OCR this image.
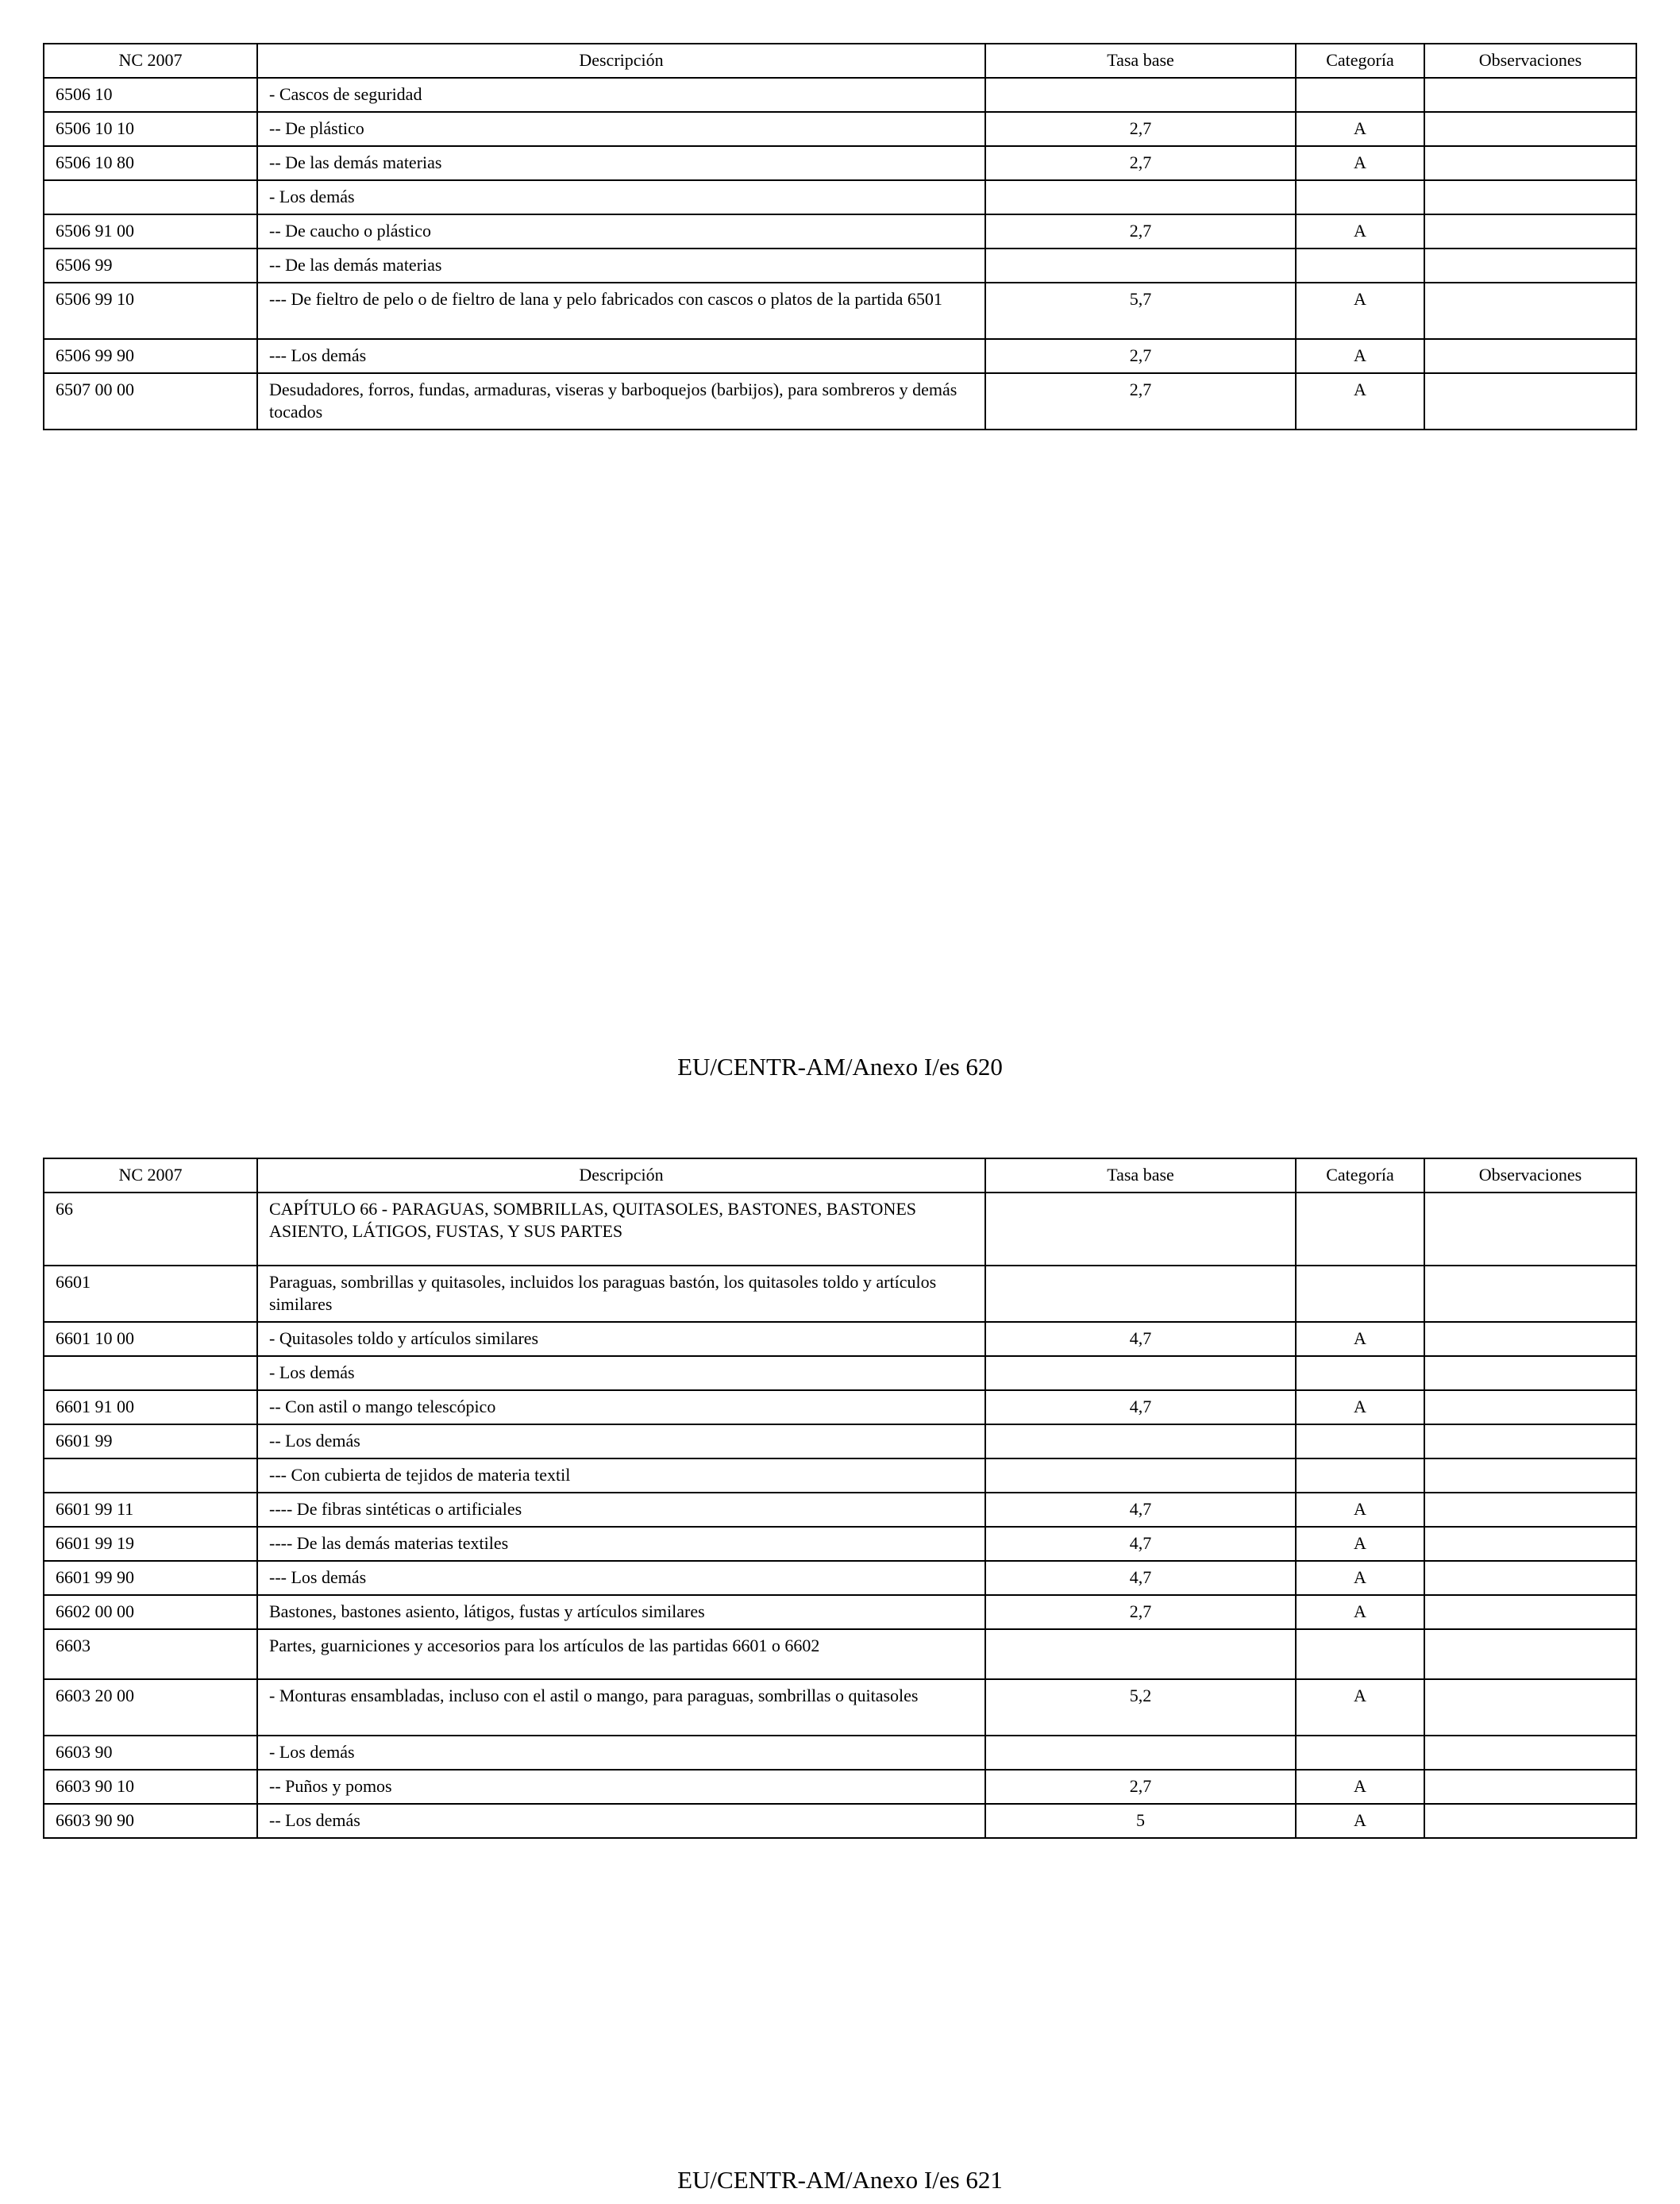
NC 2007	Descripción	Tasa base	Categoría	Observaciones
6506 10	- Cascos de seguridad			
6506 10 10	-- De plástico	2,7	A	
6506 10 80	-- De las demás materias	2,7	A	
	- Los demás			
6506 91 00	-- De caucho o plástico	2,7	A	
6506 99	-- De las demás materias			
6506 99 10	--- De fieltro de pelo o de fieltro de lana y pelo fabricados con cascos o platos de la partida 6501	5,7	A	
6506 99 90	--- Los demás	2,7	A	
6507 00 00	Desudadores, forros, fundas, armaduras, viseras y barboquejos (barbijos), para sombreros y demás tocados	2,7	A	
EU/CENTR-AM/Anexo I/es 620
NC 2007	Descripción	Tasa base	Categoría	Observaciones
66	CAPÍTULO 66 - PARAGUAS, SOMBRILLAS, QUITASOLES, BASTONES, BASTONES ASIENTO, LÁTIGOS, FUSTAS, Y SUS PARTES			
6601	Paraguas, sombrillas y quitasoles, incluidos los paraguas bastón, los quitasoles toldo y artículos similares			
6601 10 00	- Quitasoles toldo y artículos similares	4,7	A	
	- Los demás			
6601 91 00	-- Con astil o mango telescópico	4,7	A	
6601 99	-- Los demás			
	--- Con cubierta de tejidos de materia textil			
6601 99 11	---- De fibras sintéticas o artificiales	4,7	A	
6601 99 19	---- De las demás materias textiles	4,7	A	
6601 99 90	--- Los demás	4,7	A	
6602 00 00	Bastones, bastones asiento, látigos, fustas y artículos similares	2,7	A	
6603	Partes, guarniciones y accesorios para los artículos de las partidas 6601 o 6602			
6603 20 00	- Monturas ensambladas, incluso con el astil o mango, para paraguas, sombrillas o quitasoles	5,2	A	
6603 90	- Los demás			
6603 90 10	-- Puños y pomos	2,7	A	
6603 90 90	-- Los demás	5	A	
EU/CENTR-AM/Anexo I/es 621
